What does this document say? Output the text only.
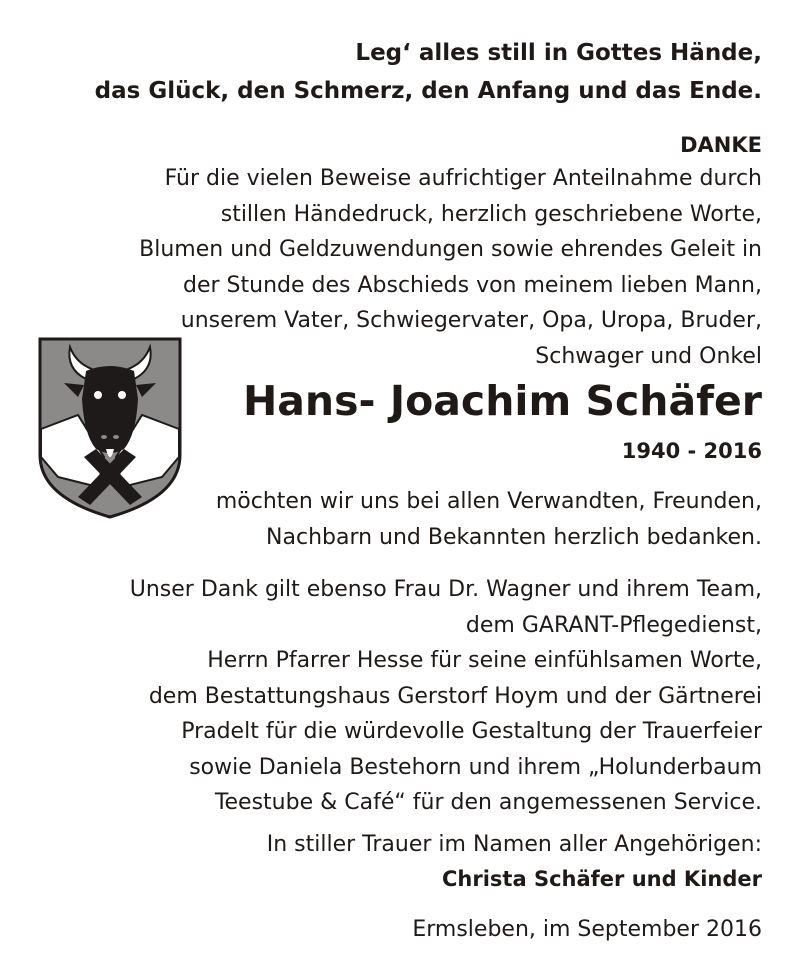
Leg‘ alles still in Gottes Hände,
das Glück, den Schmerz, den Anfang und das Ende.
DANKE
Für die vielen Beweise aufrichtiger Anteilnahme durch
stillen Händedruck, herzlich geschriebene Worte,
Blumen und Geldzuwendungen sowie ehrendes Geleit in
der Stunde des Abschieds von meinem lieben Mann,
unserem Vater, Schwiegervater, Opa, Uropa, Bruder,
Schwager und Onkel
Hans- Joachim Schäfer
1940 - 2016
möchten wir uns bei allen Verwandten, Freunden,
Nachbarn und Bekannten herzlich bedanken.
Unser Dank gilt ebenso Frau Dr. Wagner und ihrem Team,
dem GARANT-Pflegedienst,
Herrn Pfarrer Hesse für seine einfühlsamen Worte,
dem Bestattungshaus Gerstorf Hoym und der Gärtnerei
Pradelt für die würdevolle Gestaltung der Trauerfeier
sowie Daniela Bestehorn und ihrem „Holunderbaum
Teestube & Café“ für den angemessenen Service.
In stiller Trauer im Namen aller Angehörigen:
Christa Schäfer und Kinder
Ermsleben, im September 2016
